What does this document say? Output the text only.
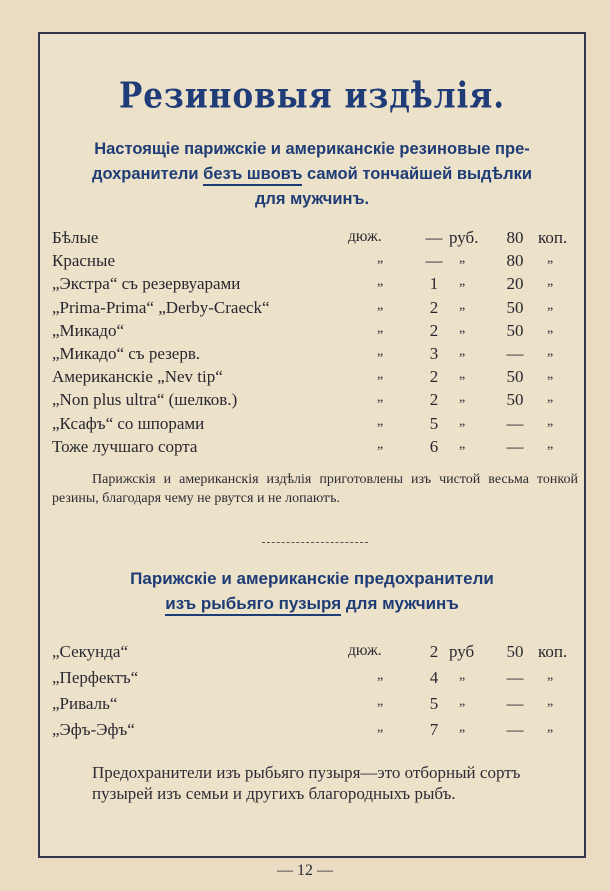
Резиновыя издѣлія.
Настоящіе парижскіе и американскіе резиновые пре-
дохранители безъ швовъ самой тончайшей выдѣлки
для мужчинъ.
Бѣлые	дюж.	— руб.	80 коп.
Красные	„ — „	80	„
„Экстра“ съ резервуарами	„	1	„	20	„
„Prima-Prima“ „Derby-Craeck“	„	2	„	50	„
„Микадо“	„	2	„	50	„
„Микадо“ съ резерв.	„	3	„	—	„
Американскіе „Nev tip“	„	2	„	50	„
„Non plus ultra“ (шелков.)	„	2	„	50	„
„Ксафъ“ со шпорами	„	5	„	—	„
Тоже лучшаго сорта	„	6	„	—	„
Парижскія и американскія издѣлія приготовлены изъ чистой весьма тонкой резины, благодаря чему не рвутся и не лопаютъ.
Парижскіе и американскіе предохранители
изъ рыбьяго пузыря для мужчинъ
„Секунда“	дюж.	2 руб	50 коп.
„Перфектъ“	„	4	„	—	„
„Риваль“	„	5	„	—	„
„Эфъ-Эфъ“	„	7	„	—	„
Предохранители изъ рыбьяго пузыря—это отборный сортъ пузырей изъ семьи и другихъ благородныхъ рыбъ.
— 12 —
